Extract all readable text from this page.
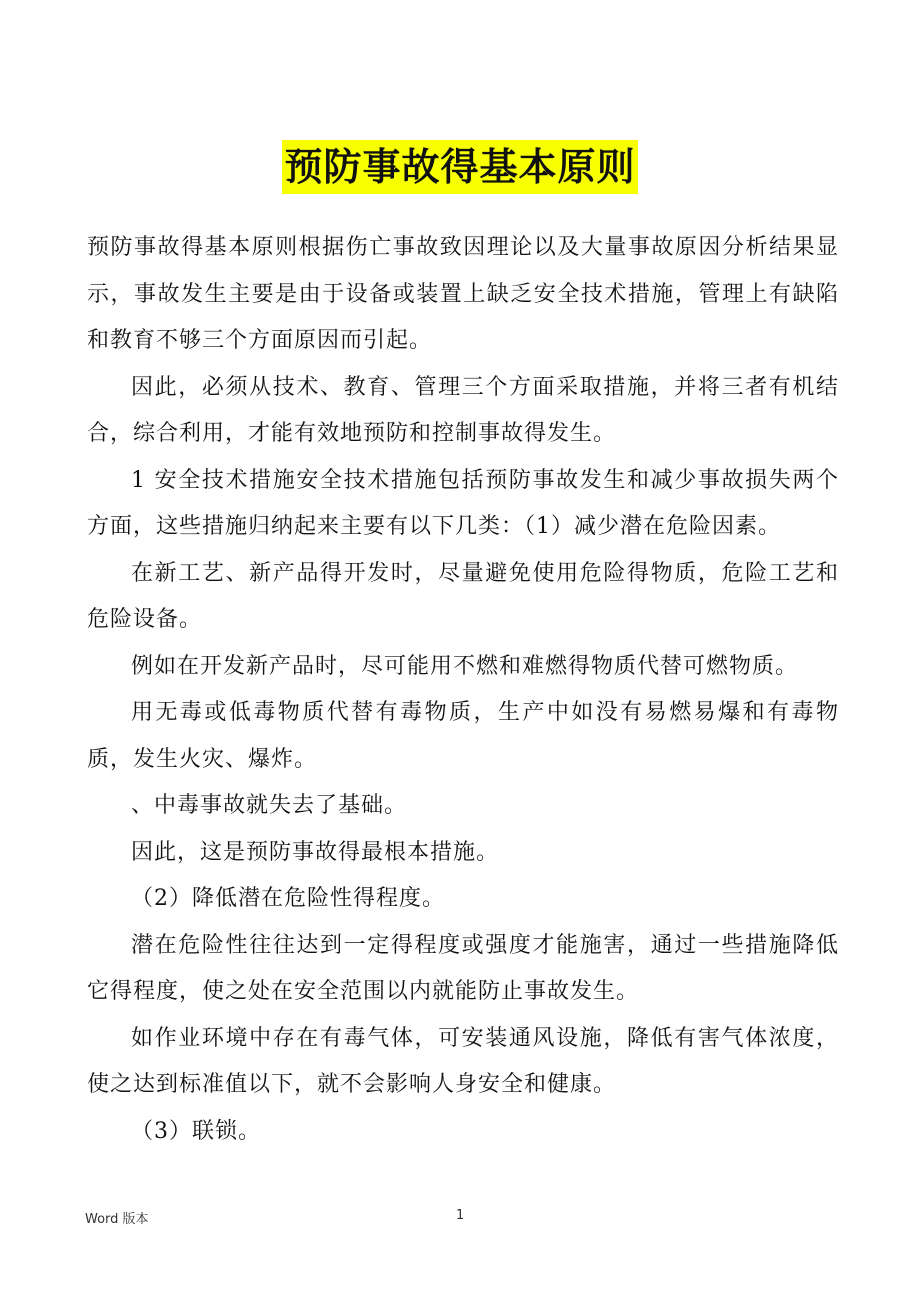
预防事故得基本原则

预防事故得基本原则根据伤亡事故致因理论以及大量事故原因分析结果显示，事故发生主要是由于设备或装置上缺乏安全技术措施，管理上有缺陷和教育不够三个方面原因而引起。

因此，必须从技术、教育、管理三个方面采取措施，并将三者有机结合，综合利用，才能有效地预防和控制事故得发生。

1 安全技术措施安全技术措施包括预防事故发生和减少事故损失两个方面，这些措施归纳起来主要有以下几类：（1）减少潜在危险因素。

在新工艺、新产品得开发时，尽量避免使用危险得物质，危险工艺和危险设备。

例如在开发新产品时，尽可能用不燃和难燃得物质代替可燃物质。

用无毒或低毒物质代替有毒物质，生产中如没有易燃易爆和有毒物质，发生火灾、爆炸。

、中毒事故就失去了基础。

因此，这是预防事故得最根本措施。

（2）降低潜在危险性得程度。

潜在危险性往往达到一定得程度或强度才能施害，通过一些措施降低它得程度，使之处在安全范围以内就能防止事故发生。

如作业环境中存在有毒气体，可安装通风设施，降低有害气体浓度，使之达到标准值以下，就不会影响人身安全和健康。

（3）联锁。

Word 版本	1
